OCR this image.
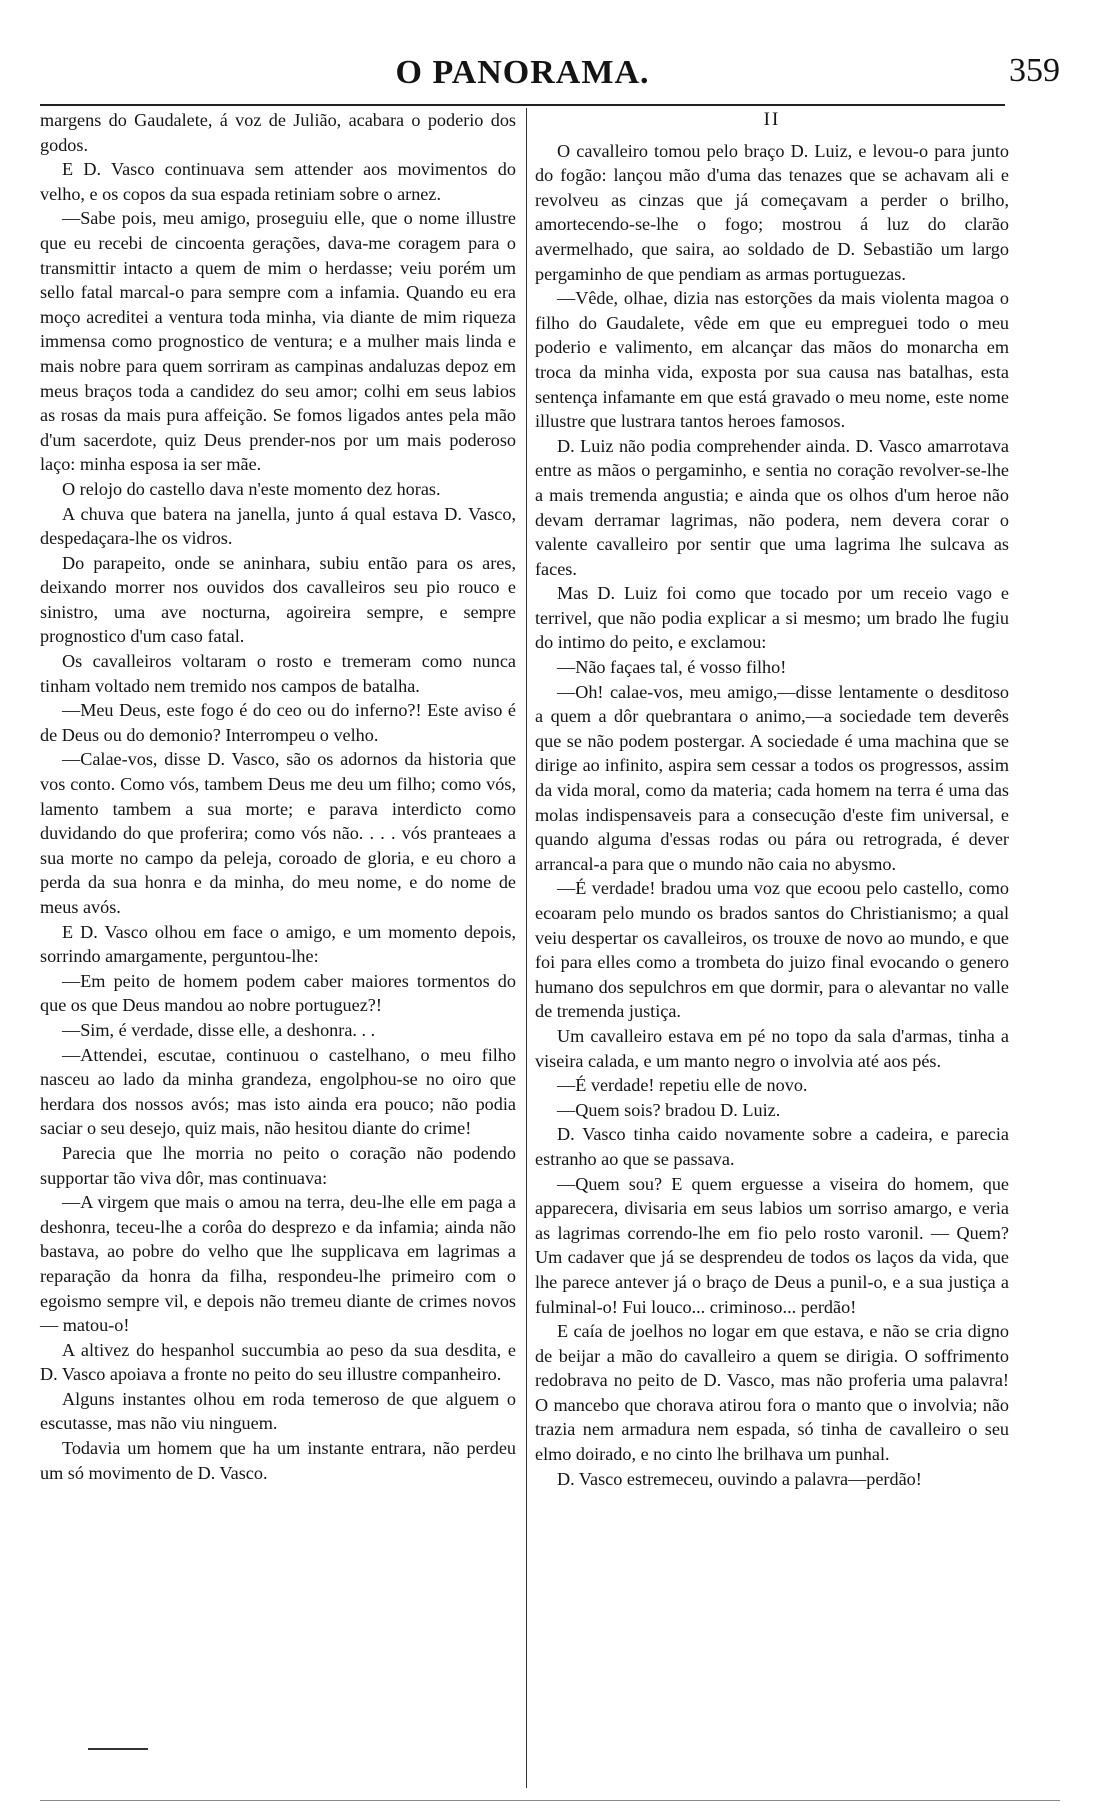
O PANORAMA.	359

margens do Gaudalete, á voz de Julião, acabara o poderio dos godos.

E D. Vasco continuava sem attender aos movimentos do velho, e os copos da sua espada retiniam sobre o arnez.

—Sabe pois, meu amigo, proseguiu elle, que o nome illustre que eu recebi de cincoenta gerações, dava-me coragem para o transmittir intacto a quem de mim o herdasse; veiu porém um sello fatal marcal-o para sempre com a infamia. Quando eu era moço acreditei a ventura toda minha, via diante de mim riqueza immensa como prognostico de ventura; e a mulher mais linda e mais nobre para quem sorriram as campinas andaluzas depoz em meus braços toda a candidez do seu amor; colhi em seus labios as rosas da mais pura affeição. Se fomos ligados antes pela mão d'um sacerdote, quiz Deus prender-nos por um mais poderoso laço: minha esposa ia ser mãe.

O relojo do castello dava n'este momento dez horas.

A chuva que batera na janella, junto á qual estava D. Vasco, despedaçara-lhe os vidros.

Do parapeito, onde se aninhara, subiu então para os ares, deixando morrer nos ouvidos dos cavalleiros seu pio rouco e sinistro, uma ave nocturna, agoireira sempre, e sempre prognostico d'um caso fatal.

Os cavalleiros voltaram o rosto e tremeram como nunca tinham voltado nem tremido nos campos de batalha.

—Meu Deus, este fogo é do ceo ou do inferno?! Este aviso é de Deus ou do demonio? Interrompeu o velho.

—Calae-vos, disse D. Vasco, são os adornos da historia que vos conto. Como vós, tambem Deus me deu um filho; como vós, lamento tambem a sua morte; e parava interdicto como duvidando do que proferira; como vós não. . . . vós pranteaes a sua morte no campo da peleja, coroado de gloria, e eu choro a perda da sua honra e da minha, do meu nome, e do nome de meus avós.

E D. Vasco olhou em face o amigo, e um momento depois, sorrindo amargamente, perguntou-lhe:

—Em peito de homem podem caber maiores tormentos do que os que Deus mandou ao nobre portuguez?!

—Sim, é verdade, disse elle, a deshonra. . .

—Attendei, escutae, continuou o castelhano, o meu filho nasceu ao lado da minha grandeza, engolphou-se no oiro que herdara dos nossos avós; mas isto ainda era pouco; não podia saciar o seu desejo, quiz mais, não hesitou diante do crime!

Parecia que lhe morria no peito o coração não podendo supportar tão viva dôr, mas continuava:

—A virgem que mais o amou na terra, deu-lhe elle em paga a deshonra, teceu-lhe a corôa do desprezo e da infamia; ainda não bastava, ao pobre do velho que lhe supplicava em lagrimas a reparação da honra da filha, respondeu-lhe primeiro com o egoismo sempre vil, e depois não tremeu diante de crimes novos — matou-o!

A altivez do hespanhol succumbia ao peso da sua desdita, e D. Vasco apoiava a fronte no peito do seu illustre companheiro.

Alguns instantes olhou em roda temeroso de que alguem o escutasse, mas não viu ninguem.

Todavia um homem que ha um instante entrara, não perdeu um só movimento de D. Vasco.

II

O cavalleiro tomou pelo braço D. Luiz, e levou-o para junto do fogão: lançou mão d'uma das tenazes que se achavam ali e revolveu as cinzas que já começavam a perder o brilho, amortecendo-se-lhe o fogo; mostrou á luz do clarão avermelhado, que saira, ao soldado de D. Sebastião um largo pergaminho de que pendiam as armas portuguezas.

—Vêde, olhae, dizia nas estorções da mais violenta magoa o filho do Gaudalete, vêde em que eu empreguei todo o meu poderio e valimento, em alcançar das mãos do monarcha em troca da minha vida, exposta por sua causa nas batalhas, esta sentença infamante em que está gravado o meu nome, este nome illustre que lustrara tantos heroes famosos.

D. Luiz não podia comprehender ainda. D. Vasco amarrotava entre as mãos o pergaminho, e sentia no coração revolver-se-lhe a mais tremenda angustia; e ainda que os olhos d'um heroe não devam derramar lagrimas, não podera, nem devera corar o valente cavalleiro por sentir que uma lagrima lhe sulcava as faces.

Mas D. Luiz foi como que tocado por um receio vago e terrivel, que não podia explicar a si mesmo; um brado lhe fugiu do intimo do peito, e exclamou:

—Não façaes tal, é vosso filho!

—Oh! calae-vos, meu amigo,—disse lentamente o desditoso a quem a dôr quebrantara o animo,—a sociedade tem deverês que se não podem postergar. A sociedade é uma machina que se dirige ao infinito, aspira sem cessar a todos os progressos, assim da vida moral, como da materia; cada homem na terra é uma das molas indispensaveis para a consecução d'este fim universal, e quando alguma d'essas rodas ou pára ou retrograda, é dever arrancal-a para que o mundo não caia no abysmo.

—É verdade! bradou uma voz que ecoou pelo castello, como ecoaram pelo mundo os brados santos do Christianismo; a qual veiu despertar os cavalleiros, os trouxe de novo ao mundo, e que foi para elles como a trombeta do juizo final evocando o genero humano dos sepulchros em que dormir, para o alevantar no valle de tremenda justiça.

Um cavalleiro estava em pé no topo da sala d'armas, tinha a viseira calada, e um manto negro o involvia até aos pés.

—É verdade! repetiu elle de novo.

—Quem sois? bradou D. Luiz.

D. Vasco tinha caido novamente sobre a cadeira, e parecia estranho ao que se passava.

—Quem sou? E quem erguesse a viseira do homem, que apparecera, divisaria em seus labios um sorriso amargo, e veria as lagrimas correndo-lhe em fio pelo rosto varonil. — Quem? Um cadaver que já se desprendeu de todos os laços da vida, que lhe parece antever já o braço de Deus a punil-o, e a sua justiça a fulminal-o! Fui louco... criminoso... perdão!

E caía de joelhos no logar em que estava, e não se cria digno de beijar a mão do cavalleiro a quem se dirigia. O soffrimento redobrava no peito de D. Vasco, mas não proferia uma palavra! O mancebo que chorava atirou fora o manto que o involvia; não trazia nem armadura nem espada, só tinha de cavalleiro o seu elmo doirado, e no cinto lhe brilhava um punhal.

D. Vasco estremeceu, ouvindo a palavra—perdão!
